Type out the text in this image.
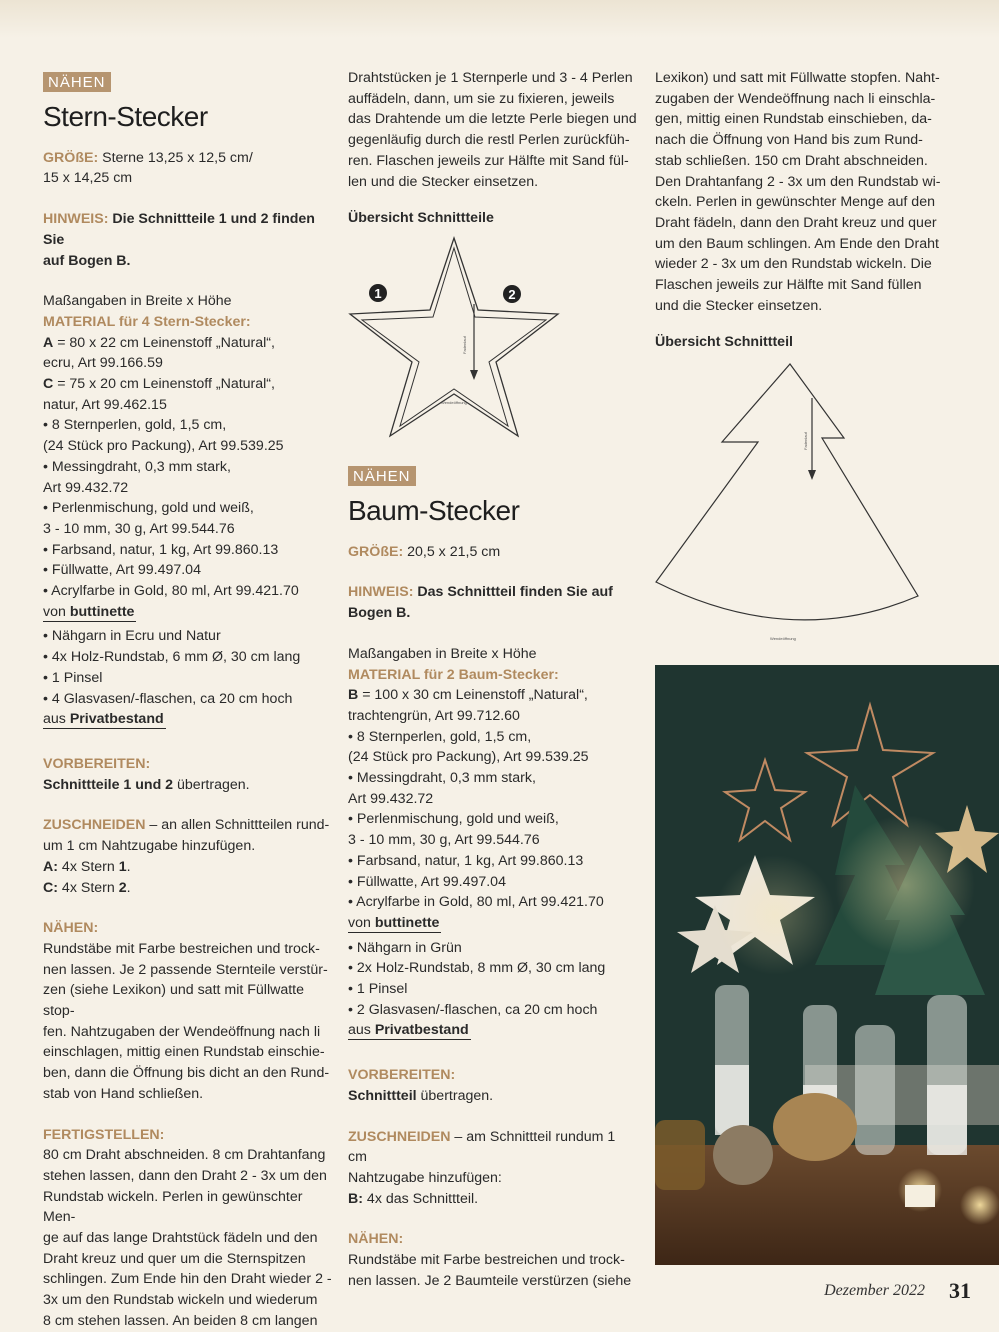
NÄHEN
Stern-Stecker

GRÖßE: Sterne 13,25 x 12,5 cm/

15 x 14,25 cm

HINWEIS: Die Schnittteile 1 und 2 finden Sie

auf Bogen B.

Maßangaben in Breite x Höhe

MATERIAL für 4 Stern-Stecker:

A = 80 x 22 cm Leinenstoff „Natural“,

ecru, Art 99.166.59

C = 75 x 20 cm Leinenstoff „Natural“,

natur, Art 99.462.15

• 8 Sternperlen, gold, 1,5 cm,

(24 Stück pro Packung), Art 99.539.25

• Messingdraht, 0,3 mm stark,

Art 99.432.72

• Perlenmischung, gold und weiß,

3 - 10 mm, 30 g, Art 99.544.76

• Farbsand, natur, 1 kg, Art 99.860.13

• Füllwatte, Art 99.497.04

• Acrylfarbe in Gold, 80 ml, Art 99.421.70

von buttinette

• Nähgarn in Ecru und Natur

• 4x Holz-Rundstab, 6 mm Ø, 30 cm lang

• 1 Pinsel

• 4 Glasvasen/-flaschen, ca 20 cm hoch

aus Privatbestand

VORBEREITEN:

Schnittteile 1 und 2 übertragen.

ZUSCHNEIDEN – an allen Schnittteilen rund-

um 1 cm Nahtzugabe hinzufügen.

A: 4x Stern 1.

C: 4x Stern 2.

NÄHEN:

Rundstäbe mit Farbe bestreichen und trock-

nen lassen. Je 2 passende Sternteile verstür-

zen (siehe Lexikon) und satt mit Füllwatte stop-

fen. Nahtzugaben der Wendeöffnung nach li

einschlagen, mittig einen Rundstab einschie-

ben, dann die Öffnung bis dicht an den Rund-

stab von Hand schließen.

FERTIGSTELLEN:

80 cm Draht abschneiden. 8 cm Drahtanfang

stehen lassen, dann den Draht 2 - 3x um den

Rundstab wickeln. Perlen in gewünschter Men-

ge auf das lange Drahtstück fädeln und den

Draht kreuz und quer um die Sternspitzen

schlingen. Zum Ende hin den Draht wieder 2 -

3x um den Rundstab wickeln und wiederum

8 cm stehen lassen. An beiden 8 cm langen

Drahtstücken je 1 Sternperle und 3 - 4 Perlen

auffädeln, dann, um sie zu fixieren, jeweils

das Drahtende um die letzte Perle biegen und

gegenläufig durch die restl Perlen zurückfüh-

ren. Flaschen jeweils zur Hälfte mit Sand fül-

len und die Stecker einsetzen.

Übersicht Schnittteile

Fadenlauf
Wendeöffnung
1	2
NÄHEN
Baum-Stecker

GRÖßE: 20,5 x 21,5 cm

HINWEIS: Das Schnittteil finden Sie auf

Bogen B.

Maßangaben in Breite x Höhe

MATERIAL für 2 Baum-Stecker:

B = 100 x 30 cm Leinenstoff „Natural“,

trachtengrün, Art 99.712.60

• 8 Sternperlen, gold, 1,5 cm,

(24 Stück pro Packung), Art 99.539.25

• Messingdraht, 0,3 mm stark,

Art 99.432.72

• Perlenmischung, gold und weiß,

3 - 10 mm, 30 g, Art 99.544.76

• Farbsand, natur, 1 kg, Art 99.860.13

• Füllwatte, Art 99.497.04

• Acrylfarbe in Gold, 80 ml, Art 99.421.70

von buttinette

• Nähgarn in Grün

• 2x Holz-Rundstab, 8 mm Ø, 30 cm lang

• 1 Pinsel

• 2 Glasvasen/-flaschen, ca 20 cm hoch

aus Privatbestand

VORBEREITEN:

Schnittteil übertragen.

ZUSCHNEIDEN – am Schnittteil rundum 1 cm

Nahtzugabe hinzufügen:

B: 4x das Schnittteil.

NÄHEN:

Rundstäbe mit Farbe bestreichen und trock-

nen lassen. Je 2 Baumteile verstürzen (siehe

Lexikon) und satt mit Füllwatte stopfen. Naht-

zugaben der Wendeöffnung nach li einschla-

gen, mittig einen Rundstab einschieben, da-

nach die Öffnung von Hand bis zum Rund-

stab schließen. 150 cm Draht abschneiden.

Den Drahtanfang 2 - 3x um den Rundstab wi-

ckeln. Perlen in gewünschter Menge auf den

Draht fädeln, dann den Draht kreuz und quer

um den Baum schlingen. Am Ende den Draht

wieder 2 - 3x um den Rundstab wickeln. Die

Flaschen jeweils zur Hälfte mit Sand füllen

und die Stecker einsetzen.

Übersicht Schnittteil

Fadenlauf
Wendeöffnung
Dezember 2022 31
